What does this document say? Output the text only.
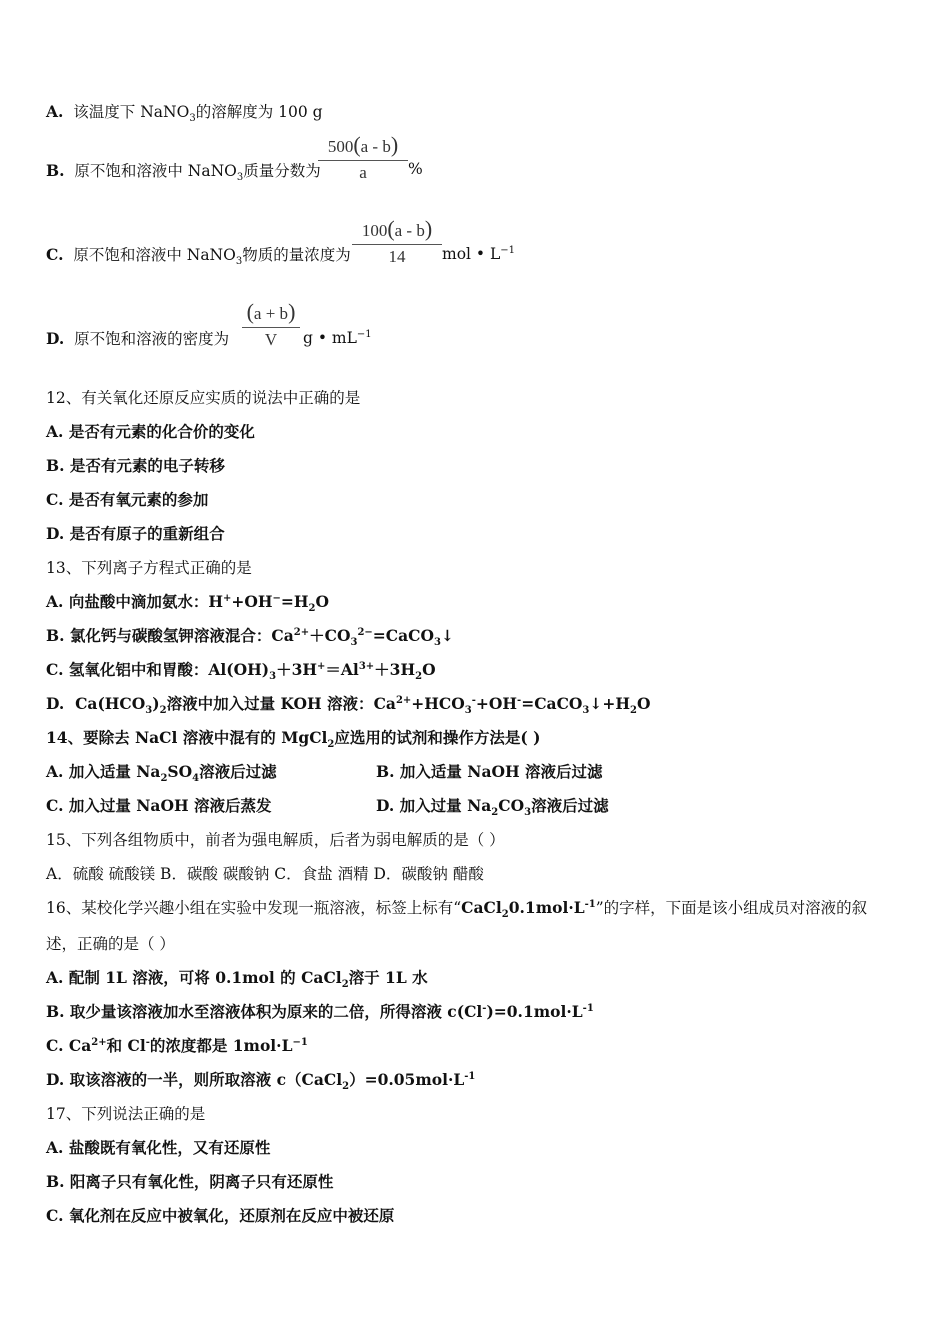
A. 该温度下 NaNO$_3$的溶解度为 100 g
B. 原不饱和溶液中 NaNO$_3$质量分数为
500(a - b)
a	%
C. 原不饱和溶液中 NaNO$_3$物质的量浓度为
100(a - b)
14	mol • $L^{-1}$
D. 原不饱和溶液的密度为
(a + b)
V	g • $mL^{-1}$
12、有关氧化还原反应实质的说法中正确的是
A. 是否有元素的化合价的变化
B. 是否有元素的电子转移
C. 是否有氧元素的参加
D. 是否有原子的重新组合
13、下列离子方程式正确的是
A. 向盐酸中滴加氨水：$H^++OH^-=H_2O$
B. 氯化钙与碳酸氢钾溶液混合：$Ca^{2+}+CO_3^{2-}=CaCO_3↓$
C. 氢氧化铝中和胃酸：$Al(OH)_3+3H^+=Al^{3+}+3H_2O$
D.  $Ca(HCO_3)_2$溶液中加入过量 KOH 溶液：$Ca^{2+}+HCO_3^-+OH^-=CaCO_3↓+H_2O$
14、要除去 NaCl 溶液中混有的 MgCl$_2$应选用的试剂和操作方法是( )
A. 加入适量 $Na_2SO_4$溶液后过滤	B. 加入适量 NaOH 溶液后过滤
C. 加入过量 NaOH 溶液后蒸发	D. 加入过量 $Na_2CO_3$溶液后过滤
15、下列各组物质中，前者为强电解质，后者为弱电解质的是（ ）
A．硫酸 硫酸镁 B．碳酸 碳酸钠 C．食盐 酒精 D．碳酸钠 醋酸
16、某校化学兴趣小组在实验中发现一瓶溶液，标签上标有“$CaCl_20.1mol\cdot L^{-1}$”的字样，下面是该小组成员对溶液的叙
述，正确的是（ ）
A. 配制 1L 溶液，可将 0.1mol 的 CaCl$_2$溶于 1L 水
B. 取少量该溶液加水至溶液体积为原来的二倍，所得溶液 $c(Cl^-)=0.1mol\cdot L^{-1}$
C. $Ca^{2+}$和 Cl-的浓度都是 $1mol\cdot L^{-1}$
D. 取该溶液的一半，则所取溶液 $c(CaCl_2)=0.05mol\cdot L^{-1}$
17、下列说法正确的是
A. 盐酸既有氧化性，又有还原性
B. 阳离子只有氧化性，阴离子只有还原性
C. 氧化剂在反应中被氧化，还原剂在反应中被还原
